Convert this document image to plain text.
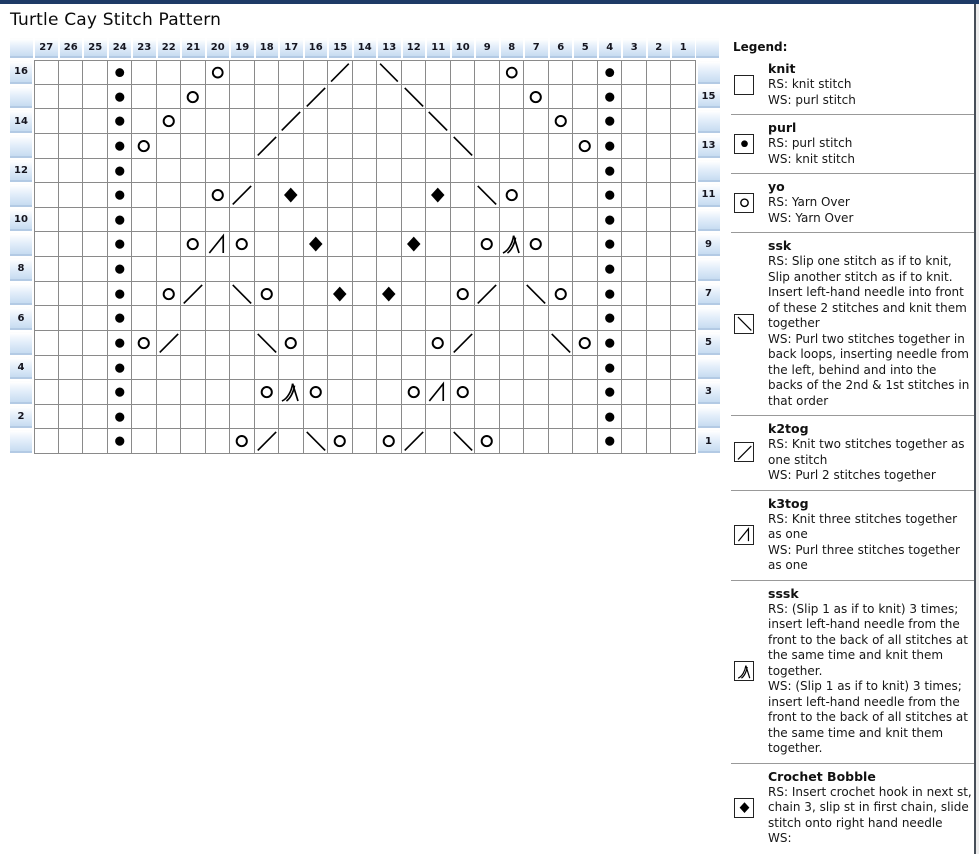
Turtle Cay Stitch Pattern
27	26	25	24	23	22	21	20	19	18	17	16	15	14	13	12	11	10	9	8	7	6	5	4	3	2	1
16
15
14
13
12
11
10
9
8
7
6
5
4
3
2
1
Legend:
knit
RS: knit stitch
WS: purl stitch
purl
RS: purl stitch
WS: knit stitch
yo
RS: Yarn Over
WS: Yarn Over
ssk
RS: Slip one stitch as if to knit, Slip another stitch as if to knit. Insert left-hand needle into front of these 2 stitches and knit them together
WS: Purl two stitches together in back loops, inserting needle from the left, behind and into the backs of the 2nd & 1st stitches in that order
k2tog
RS: Knit two stitches together as one stitch
WS: Purl 2 stitches together
k3tog
RS: Knit three stitches together as one
WS: Purl three stitches together as one
sssk
RS: (Slip 1 as if to knit) 3 times; insert left-hand needle from the front to the back of all stitches at the same time and knit them together.
WS: (Slip 1 as if to knit) 3 times; insert left-hand needle from the front to the back of all stitches at the same time and knit them together.
Crochet Bobble
RS: Insert crochet hook in next st, chain 3, slip st in first chain, slide stitch onto right hand needle
WS:
